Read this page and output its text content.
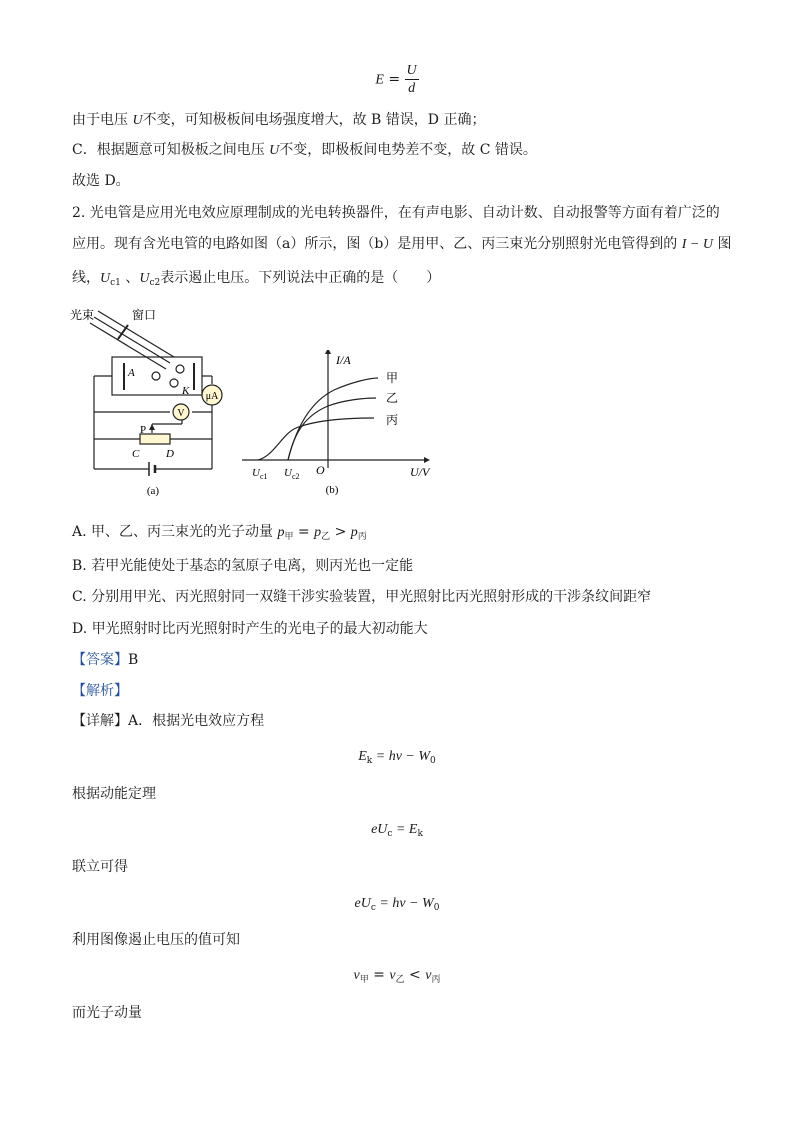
$E = \frac{U}{d}$
由于电压 U不变，可知极板间电场强度增大，故 B 错误，D 正确；
C．根据题意可知极板之间电压 U不变，即极板间电势差不变，故 C 错误。
故选 D。
2. 光电管是应用光电效应原理制成的光电转换器件，在有声电影、自动计数、自动报警等方面有着广泛的
应用。现有含光电管的电路如图（a）所示，图（b）是用甲、乙、丙三束光分别照射光电管得到的 I − U 图
线，$U_{c1}$ 、$U_{c2}$表示遏止电压。下列说法中正确的是（　　）
光束	窗口
A
K μA
V
P
C D
(a)
I/A
U/V
O
甲
乙
丙
$U_{c1}$ $U_{c2}$
(b)
A. 甲、乙、丙三束光的光子动量 $p_甲 = p_乙 > p_丙$
B. 若甲光能使处于基态的氢原子电离，则丙光也一定能
C. 分别用甲光、丙光照射同一双缝干涉实验装置，甲光照射比丙光照射形成的干涉条纹间距窄
D. 甲光照射时比丙光照射时产生的光电子的最大初动能大
【答案】B
【解析】
【详解】A．根据光电效应方程
$E_k = h\nu - W_0$
根据动能定理
$eU_c = E_k$
联立可得
$eU_c = h\nu - W_0$
利用图像遏止电压的值可知
$\nu_甲 = \nu_乙 < \nu_丙$
而光子动量
